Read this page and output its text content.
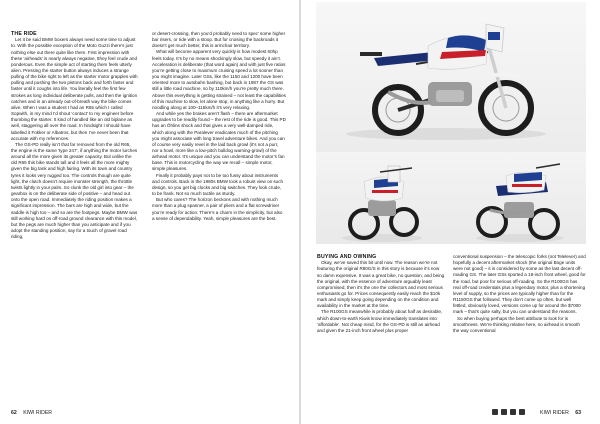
THE RIDE

Let it be said BMW boxers always need some time to adjust to. With the possible exception of the Moto Guzzi there’s just nothing else out there quite like them. First impression with these ‘airheads’ is nearly always negative, tthey feel crude and ponderous. Even the simple act of starting them feels utterly alien. Pressing the starter button always induces a strange pulling of the bike right to left as the starter motor grapples with pulling and pushing the two pistons back and forth faster and faster until it coughs into life. You literally feel the first few strokes as long individual deliberate pulls, and then the ignition catches and in an already out-of-breath way the bike comes alive. When I was a student I had an R65 which I called Sopwith, in my mind I’d shout ‘contact’ to my engineer before thumbing the starter. It kind of handled like an old biplane as well, staggering all over the road. In hindsight I should have labelled it Fokker or Albatros, but then I’ve never been that accurate with my references.

The GS-PD really isn’t that far removed from the old R65, the engine is the same ‘type 247’, if anything the motor lurches around all the more given its greater capacity. But unlike the old R65 this bike stands tall and it feels all the more mighty given the big tank and high fairing. With its town and country tyres it looks very rugged too. The controls though are quite light, the clutch doesn’t require monster strength, the throttle twists lightly in your palm. So clunk the old girl into gear – the gearbox is on the deliberate side of positive – and head out onto the open road. Immediately the riding position makes a significant impression. The bars are high and wide, but the saddle is high too – and so are the footpegs. Maybe BMW was still working hard on off-road ground clearance with this model, but the pegs are much higher than you anticipate and if you adopt the standing position, say for a touch of gravel road riding,

or desert-crossing, then you’d probably need to spec’ some higher bar risers, or ride with a stoop. But for cruising the backroads it doesn’t get much better, this is armchair territory.

What will become apparent very quickly is how modest 60hp feels today. It’s by no means shockingly slow, but speedy it ain’t. Acceleration is deliberate (that word again) and with just five ratios you’re getting close to maximum cruising speed a lot sooner than you might imagine. Later GSs, like the 1150 and 1200 have been oriented more to autobahn bashing, but back in 1987 the GS was still a little road machine, so by 110km/h you’re pretty much there. Above this everything is getting strained – not least the capabilities of this machine to slow, let alone stop, in anything like a hurry. But noodling along at 100–115km/h it’s very relaxing.

And while yes the brakes aren’t flash – there are aftermarket upgrades to be readily found – the rest of the ride is good. This PD has an Öhlins shock and that gives a very well-damped ride, which along with the Paralever eradicates much of the pitching you might associate with long travel adventure bikes. And you can of course very easily revel in the laid back growl (it’s not a purr, nor a howl, more like a low-pitch bulldog warning-growl) of the airhead motor. It’s unique and you can understand the motor’s fan base. This is motorcycling the way we recall – simple motor, simple pleasures.

Finally it probably pays not to be too fussy about instruments and controls. Back in the 1980s BMW took a robust view on such design, so you get big clocks and big switches. They look crude, to be frank. Not so much tactile as sturdy.

But who cares? The horizon beckons and with nothing much more than a plug spanner, a pair of pliers and a flat screwdriver you’re ready for action. There’s a charm in the simplicity, but also a sense of dependability. Yeah, simple pleasures are the best.

62 KIWI RIDER
BUYING AND OWNING

Okay, we’ve saved this bit until now. The reason we’re not featuring the original R80G/S in this story is because it’s now so damn expensive. It was a great bike, no question, and being the original, with the essence of adventure arguably least compromised, then it’s the one the collectors and most serious enthusiasts go for. Prices consequently easily reach the $10k mark and simply keep going depending on the condition and availability in the market at the time.

The R100GS meanwhile is probably about half as desirable, which down-to-earth Kiwis know immediately translates into ‘affordable’. Not cheap mind, for the GS-PD is still an airhead and given the 21-inch front wheel plus proper

conventional suspension – the telescopic forks (not Telelever) and hopefully a decent aftermarket shock (the original Boge units were not good) – it is considered by some as the last decent off-roading GS. The later GSs sported a 19-inch front wheel, good for the road, but poor for serious off-roading. So the R100GS has real off-road credentials plus a legendary motor, plus a shortening level of supply, so the prices are typically higher than for the R1150GS that followed. They don’t come up often, but well fettled, obviously loved, versions come up for around the $7000 mark – that’s quite salty, but you can understand the reasons.

So when buying perhaps the best attribute to look for is smoothness. We’re thinking relative here, no airhead is smooth the way conventional

KIWI RIDER 63
